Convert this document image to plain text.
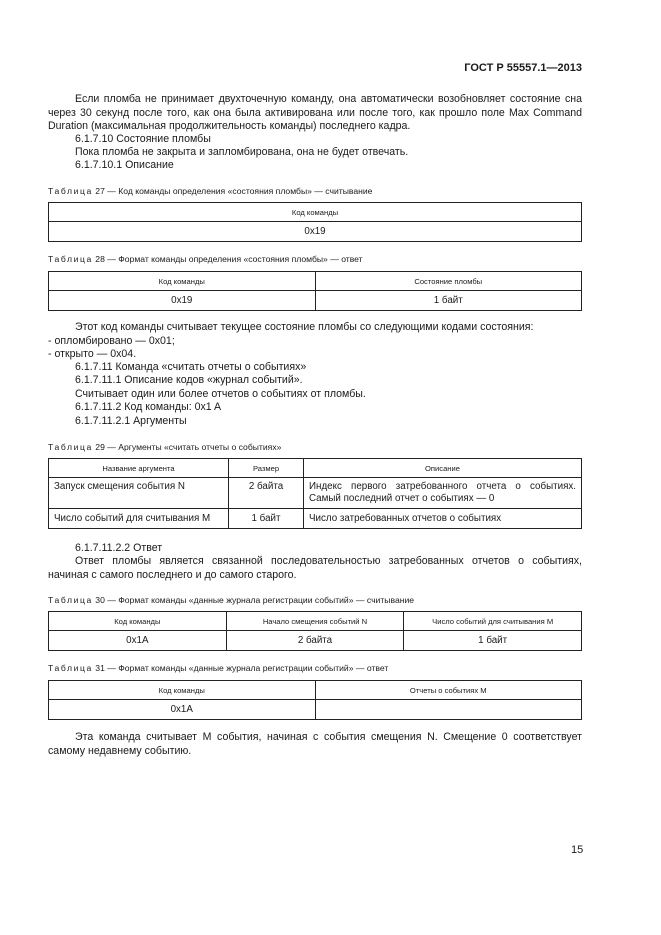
ГОСТ Р 55557.1—2013
Если пломба не принимает двухточечную команду, она автоматически возобновляет состояние сна через 30 секунд после того, как она была активирована или после того, как прошло поле Max Command Duration (максимальная продолжительность команды) последнего кадра.
6.1.7.10 Состояние пломбы
Пока пломба не закрыта и запломбирована, она не будет отвечать.
6.1.7.10.1 Описание
Таблица 27 — Код команды определения «состояния пломбы» — считывание
Код команды
0x19
Таблица 28 — Формат команды определения «состояния пломбы» — ответ
Код команды	Состояние пломбы
0x19	1 байт
Этот код команды считывает текущее состояние пломбы со следующими кодами состояния:
- опломбировано — 0x01;
- открыто — 0x04.
6.1.7.11 Команда «считать отчеты о событиях»
6.1.7.11.1 Описание кодов «журнал событий».
Считывает один или более отчетов о событиях от пломбы.
6.1.7.11.2 Код команды: 0x1 A
6.1.7.11.2.1 Аргументы
Таблица 29 — Аргументы «считать отчеты о событиях»
Название аргумента	Размер	Описание
Запуск смещения события N	2 байта	Индекс первого затребованного отчета о событиях. Самый последний отчет о событиях — 0
Число событий для считывания M	1 байт	Число затребованных отчетов о событиях
6.1.7.11.2.2 Ответ
Ответ пломбы является связанной последовательностью затребованных отчетов о событиях, начиная с самого последнего и до самого старого.
Таблица 30 — Формат команды «данные журнала регистрации событий» — считывание
Код команды	Начало смещения событий N	Число событий для считывания M
0x1A	2 байта	1 байт
Таблица 31 — Формат команды «данные журнала регистрации событий» — ответ
Код команды	Отчеты о событиях M
0x1A	
Эта команда считывает M события, начиная с события смещения N. Смещение 0 соответствует самому недавнему событию.
15
